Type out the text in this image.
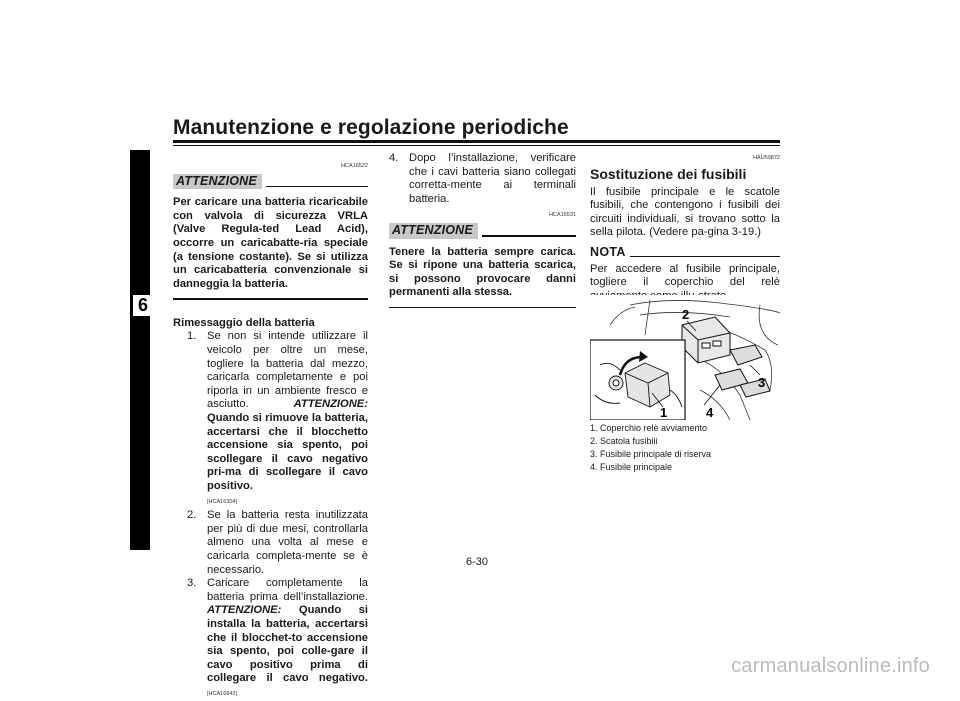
Manutenzione e regolazione periodiche
6
HCA16522
ATTENZIONE
Per caricare una batteria ricaricabile con valvola di sicurezza VRLA (Valve Regula-ted Lead Acid), occorre un caricabatte-ria speciale (a tensione costante). Se si utilizza un caricabatteria convenzionale si danneggia la batteria.
Rimessaggio della batteria
1. Se non si intende utilizzare il veicolo per oltre un mese, togliere la batteria dal mezzo, caricarla completamente e poi riporla in un ambiente fresco e asciutto.	ATTENZIONE: Quando si rimuove la batteria, accertarsi che il blocchetto accensione sia spento, poi scollegare il cavo negativo pri-ma di scollegare il cavo positivo.
[HCA16304]
2. Se la batteria resta inutilizzata per più di due mesi, controllarla almeno una volta al mese e caricarla completa-mente se è necessario.
3. Caricare completamente la batteria prima dell’installazione. ATTENZIONE: Quando si installa la batteria, accertarsi che il blocchet-to accensione sia spento, poi colle-gare il cavo positivo prima di collegare il cavo negativo. [HCA16842]
4. Dopo l’installazione, verificare che i cavi batteria siano collegati corretta-mente ai terminali batteria.
HCA16531
ATTENZIONE
Tenere la batteria sempre carica. Se si ripone una batteria scarica, si possono provocare danni permanenti alla stessa.
HAU59872
Sostituzione dei fusibili
Il fusibile principale e le scatole fusibili, che contengono i fusibili dei circuiti individuali, si trovano sotto la sella pilota. (Vedere pa-gina 3-19.)
NOTA
Per accedere al fusibile principale, togliere il coperchio del relè
2
3
4
1
1. Coperchio relè avviamento
2. Scatola fusibili
3. Fusibile principale di riserva
4. Fusibile principale
6-30
carmanualsonline.info
